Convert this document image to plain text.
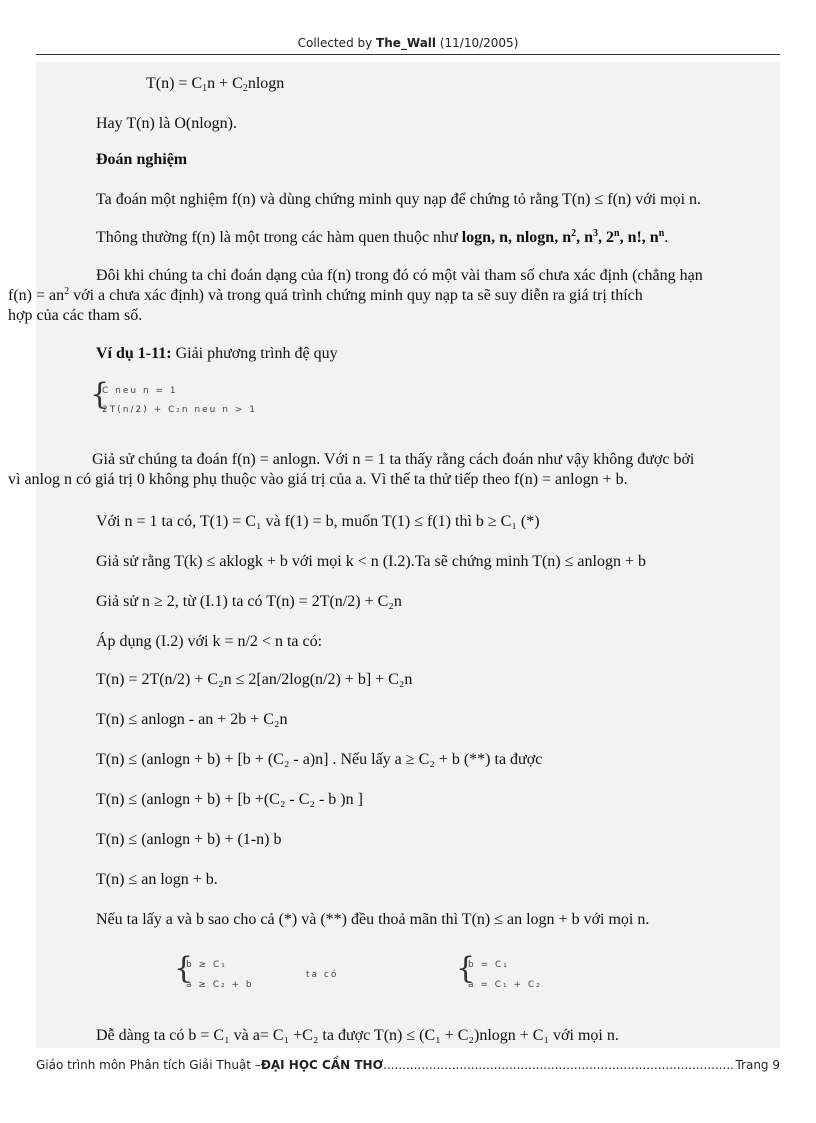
Collected by The_Wall (11/10/2005)
$T(n) = C_1n + C_2nlogn$
Hay T(n) là O(nlogn).
Đoán nghiệm
Ta đoán một nghiệm f(n) và dùng chứng minh quy nạp để chứng tỏ rằng T(n) ≤ f(n) với mọi n.
Thông thường f(n) là một trong các hàm quen thuộc như logn, n, nlogn, $n^2$, $n^3$, 2$^n$, n!, $n^n$.
Đôi khi chúng ta chỉ đoán dạng của f(n) trong đó có một vài tham số chưa xác định (chẳng hạn
$f(n) = an^2$ với a chưa xác định) và trong quá trình chứng minh quy nạp ta sẽ suy diễn ra giá trị thích
hợp của các tham số.
Ví dụ 1-11: Giải phương trình đệ quy
{
C neu n = 1
2T(n/2) + C₂n neu n > 1
Giả sử chúng ta đoán f(n) = anlogn. Với n = 1 ta thấy rằng cách đoán như vậy không được bởi
vì anlog n có giá trị 0 không phụ thuộc vào giá trị của a. Vì thế ta thử tiếp theo f(n) = anlogn + b.
Với n = 1 ta có, T(1) = C₁ và f(1) = b, muốn T(1) ≤ f(1) thì b ≥ C₁ (*)
Giả sử rằng T(k) ≤ aklogk + b với mọi k < n (I.2).Ta sẽ chứng minh T(n) ≤ anlogn + b
Giả sử n ≥ 2, từ (I.1) ta có T(n) = 2T(n/2) + C₂n
Áp dụng (I.2) với k = n/2 < n ta có:
T(n) = 2T(n/2) + C₂n ≤ 2[an/2log(n/2) + b] + C₂n
T(n) ≤ anlogn - an + 2b + C₂n
T(n) ≤ (anlogn + b) + [b + (C₂ - a)n] . Nếu lấy a ≥ C₂ + b (**) ta được
T(n) ≤ (anlogn + b) + [b +(C₂ - C₂ - b )n ]
T(n) ≤ (anlogn + b) + (1-n) b
T(n) ≤ an logn + b.
Nếu ta lấy a và b sao cho cả (*) và (**) đều thoả mãn thì T(n) ≤ an logn + b với mọi n.
{
b ≥ C₁
a ≥ C₂ + b
ta có	{
b = C₁
a = C₁ + C₂
Dễ dàng ta có b = C₁ và a= C₁ +C₂ ta được T(n) ≤ (C₁ + C₂)nlogn + C₁ với mọi n.
Giáo trình môn Phân tích Giải Thuật – ĐẠI HỌC CẦN THƠ
.....	Trang 9
